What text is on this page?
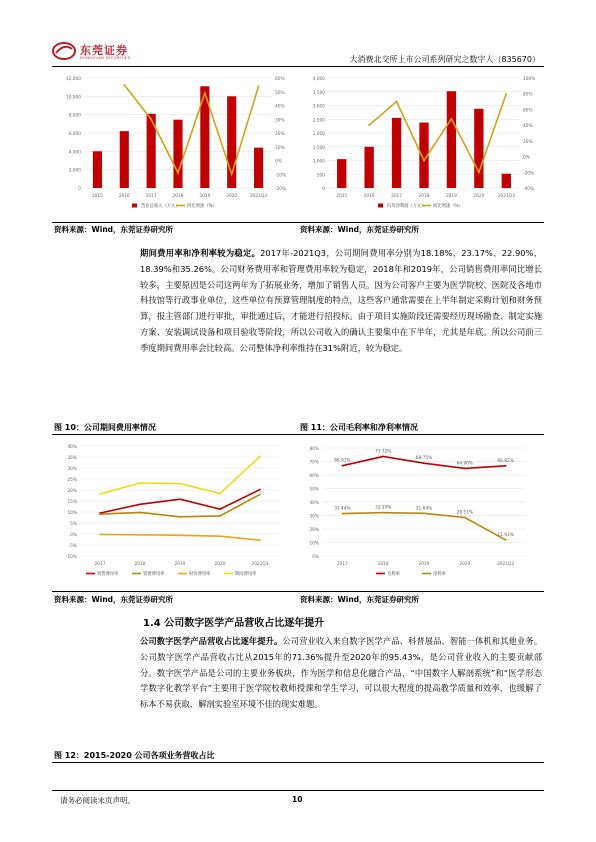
东莞证券
DONGGUAN SECURITIES	大消费北交所上市公司系列研究之数字人（835670）
0
2,000
4,000
6,000
8,000
10,000
12,000
-20%
-10%
0%
10%
20%
30%
40%
50%
60%
2015	2016	2017	2018	2019	2020	2021Q3
营业总收入（万元） 同比增速（%）
0
500
1,000
1,500
2,000
2,500
3,000
3,500
4,000
-40%
-20%
0%
20%
40%
60%
80%
100%
2015	2016	2017	2018	2019	2020	2021Q3
归母净利润（万元） 同比增速（%）
资料来源：Wind，东莞证券研究所	资料来源：Wind，东莞证券研究所
期间费用率和净利率较为稳定。2017年-2021Q3，公司期间费用率分别为18.18%、23.17%、22.90%、18.39%和35.26%。公司财务费用率和管理费用率较为稳定，2018年和2019年，公司销售费用率同比增长较多，主要原因是公司这两年为了拓展业务，增加了销售人员。因为公司客户主要为医学院校、医院及各地市科技馆等行政事业单位，这些单位有预算管理制度的特点，这些客户通常需要在上半年制定采购计划和财务预算，报主管部门进行审批，审批通过后，才能进行招投标。由于项目实施阶段还需要经历现场勘查、制定实施方案、安装调试设备和项目验收等阶段，所以公司收入的确认主要集中在下半年，尤其是年底。所以公司前三季度期间费用率会比较高。公司整体净利率维持在31%附近，较为稳定。
图 10：公司期间费用率情况	图 11：公司毛利率和净利率情况
-10%
-5%
0%
5%
10%
15%
20%
25%
30%
35%
40%
2017	2018	2019	2020	2021Q3
销售费用率	管理费用率	财务费用率	期间费用率
0%
10%
20%
30%
40%
50%
60%
70%
80%
2017	2018	2019	2020	2021Q3
66.91%
73.72%
68.75%
64.90%
66.82%
31.44%	32.10%	31.64%
28.51%
11.93%
毛利率	净利率
资料来源：Wind，东莞证券研究所	资料来源：Wind，东莞证券研究所
1.4 公司数字医学产品营收占比逐年提升
公司数字医学产品营收占比逐年提升。公司营业收入来自数字医学产品、科普展品、智能一体机和其他业务。公司数字医学产品营收占比从2015年的71.36%提升至2020年的95.43%，是公司营业收入的主要贡献部分。数字医学产品是公司的主要业务板块，作为医学和信息化融合产品，“中国数字人解剖系统”和“医学形态学数字化教学平台”主要用于医学院校教师授课和学生学习，可以很大程度的提高教学质量和效率，也缓解了标本不易获取、解剖实验室环境不佳的现实难题。
图 12：2015-2020 公司各项业务营收占比
请务必阅读末页声明。	10
